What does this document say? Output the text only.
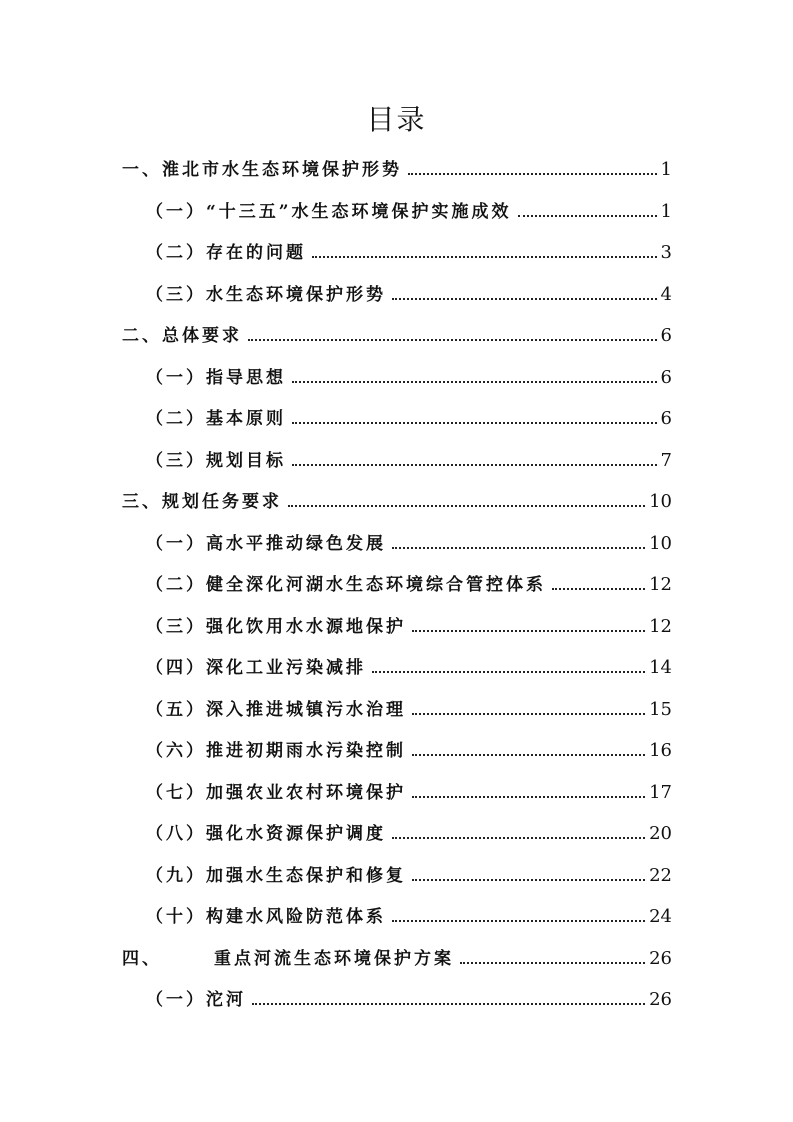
目录
一、淮北市水生态环境保护形势	1
（一）“十三五”水生态环境保护实施成效	1
（二）存在的问题	3
（三）水生态环境保护形势	4
二、总体要求	6
（一）指导思想	6
（二）基本原则	6
（三）规划目标	7
三、规划任务要求	10
（一）高水平推动绿色发展	10
（二）健全深化河湖水生态环境综合管控体系	12
（三）强化饮用水水源地保护	12
（四）深化工业污染减排	14
（五）深入推进城镇污水治理	15
（六）推进初期雨水污染控制	16
（七）加强农业农村环境保护	17
（八）强化水资源保护调度	20
（九）加强水生态保护和修复	22
（十）构建水风险防范体系	24
四、	重点河流生态环境保护方案	26
（一）沱河	26
